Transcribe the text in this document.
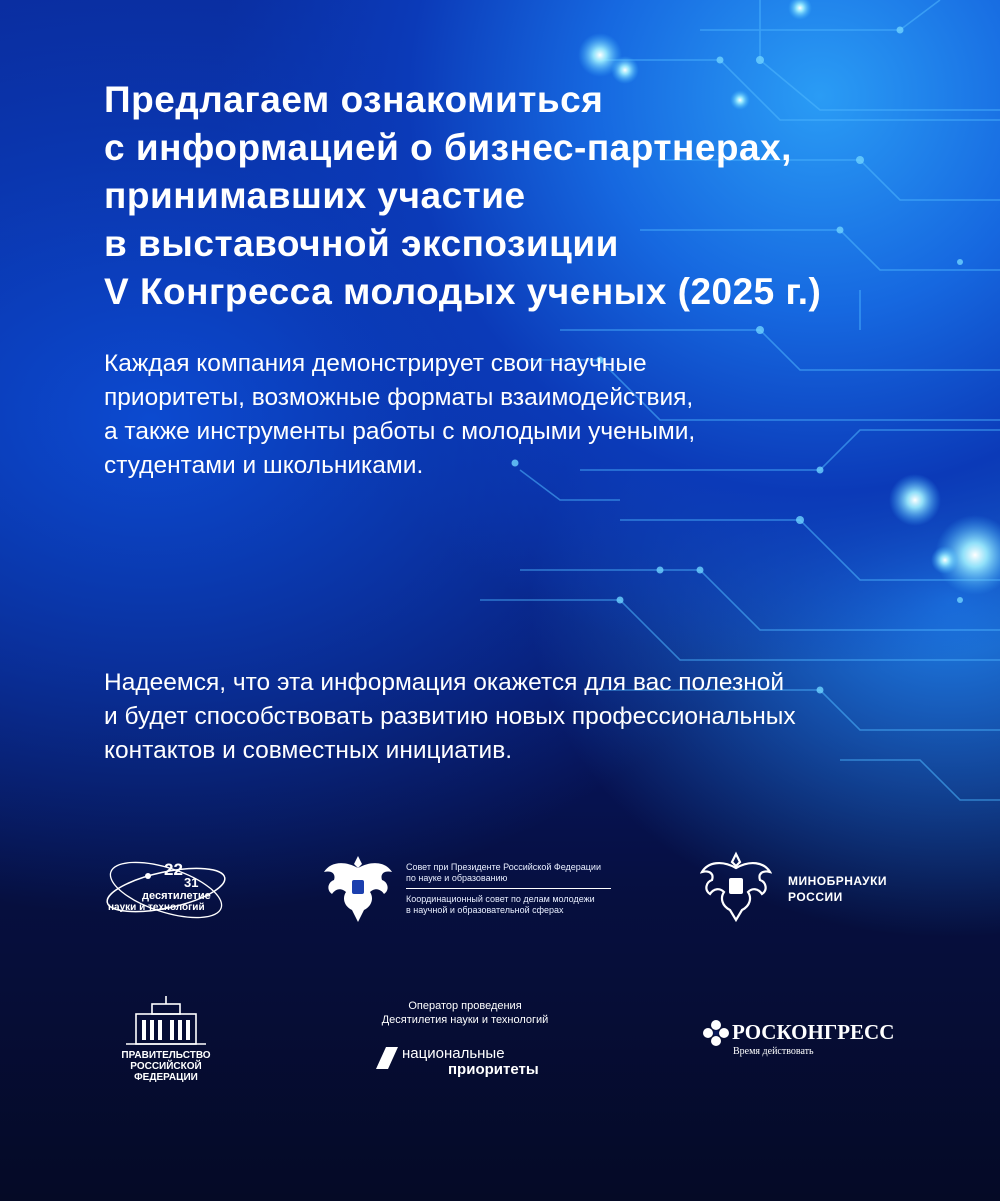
Предлагаем ознакомиться
с информацией о бизнес-партнерах,
принимавших участие
в выставочной экспозиции
V Конгресса молодых ученых (2025 г.)

Каждая компания демонстрирует свои научные
приоритеты, возможные форматы взаимодействия,
а также инструменты работы с молодыми учеными,
студентами и школьниками.

Надеемся, что эта информация окажется для вас полезной
и будет способствовать развитию новых профессиональных
контактов и совместных инициатив.

22
31
десятилетие
науки и технологий
Совет при Президенте Российской Федерации
по науке и образованию
Координационный совет по делам молодежи
в научной и образовательной сферах
МИНОБРНАУКИ
РОССИИ
ПРАВИТЕЛЬСТВО
РОССИЙСКОЙ
ФЕДЕРАЦИИ
Оператор проведения
Десятилетия науки и технологий
национальные
приоритеты
РОСКОНГРЕСС
Время действовать
